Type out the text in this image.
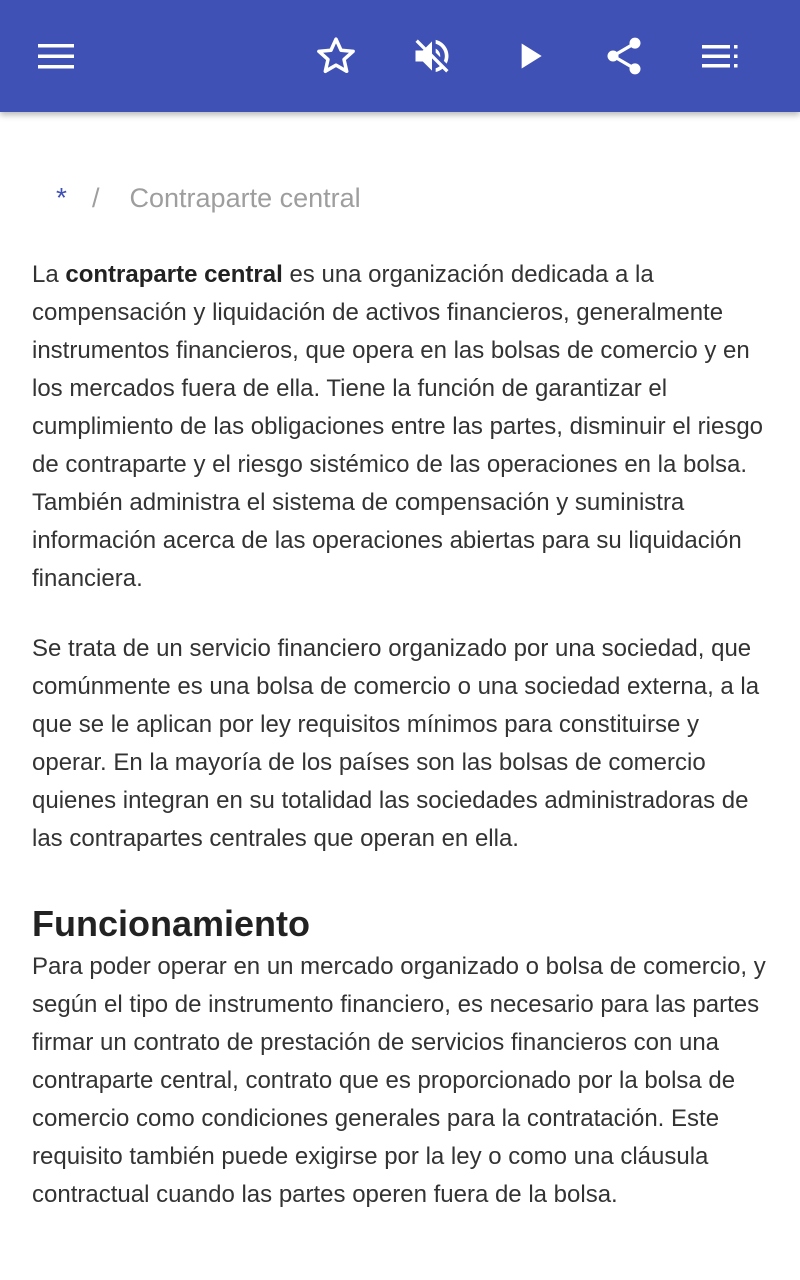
* / Contraparte central

La contraparte central es una organización dedicada a la compensación y liquidación de activos financieros, generalmente instrumentos financieros, que opera en las bolsas de comercio y en los mercados fuera de ella. Tiene la función de garantizar el cumplimiento de las obligaciones entre las partes, disminuir el riesgo de contraparte y el riesgo sistémico de las operaciones en la bolsa. También administra el sistema de compensación y suministra información acerca de las operaciones abiertas para su liquidación financiera.

Se trata de un servicio financiero organizado por una sociedad, que comúnmente es una bolsa de comercio o una sociedad externa, a la que se le aplican por ley requisitos mínimos para constituirse y operar. En la mayoría de los países son las bolsas de comercio quienes integran en su totalidad las sociedades administradoras de las contrapartes centrales que operan en ella.

Funcionamiento

Para poder operar en un mercado organizado o bolsa de comercio, y según el tipo de instrumento financiero, es necesario para las partes firmar un contrato de prestación de servicios financieros con una contraparte central, contrato que es proporcionado por la bolsa de comercio como condiciones generales para la contratación. Este requisito también puede exigirse por la ley o como una cláusula contractual cuando las partes operen fuera de la bolsa.
